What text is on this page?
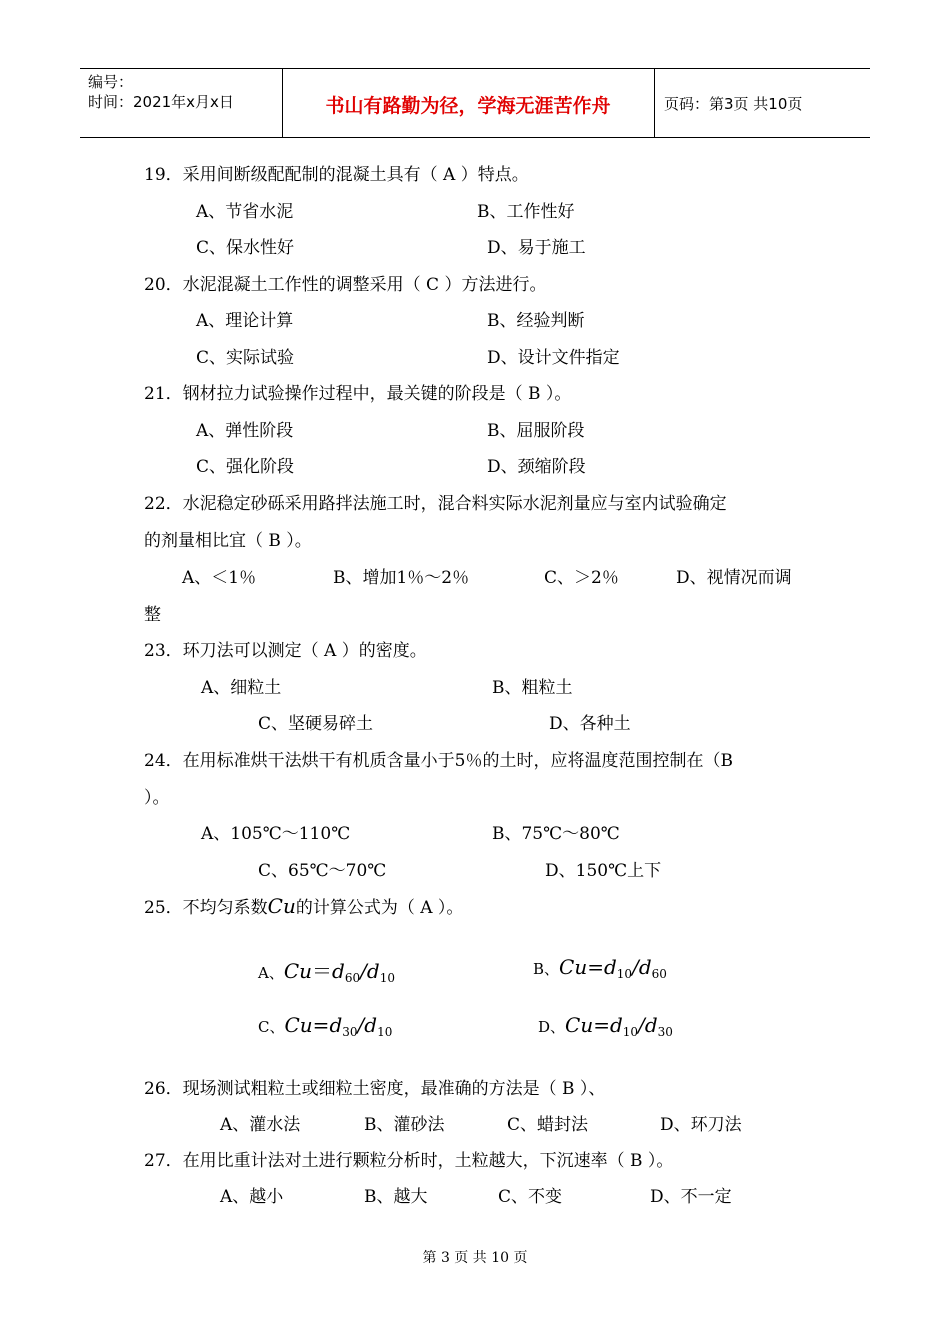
编号：
时间：2021年x月x日	书山有路勤为径，学海无涯苦作舟	页码：第3页 共10页
19．采用间断级配配制的混凝土具有（ A ）特点。
A、节省水泥	B、工作性好
C、保水性好	D、易于施工
20．水泥混凝土工作性的调整采用（ C ）方法进行。
A、理论计算	B、经验判断
C、实际试验	D、设计文件指定
21．钢材拉力试验操作过程中，最关键的阶段是（ B ）。
A、弹性阶段	B、屈服阶段
C、强化阶段	D、颈缩阶段
22．水泥稳定砂砾采用路拌法施工时，混合料实际水泥剂量应与室内试验确定
的剂量相比宜（ B ）。
A、＜1％	B、增加1％～2％	C、＞2％	D、视情况而调
整
23．环刀法可以测定（ A ）的密度。
A、细粒土	B、粗粒土
C、坚硬易碎土	D、各种土
24．在用标准烘干法烘干有机质含量小于5％的土时，应将温度范围控制在（B
）。
A、105℃～110℃	B、75℃～80℃
C、65℃～70℃	D、150℃上下
25．不均匀系数Cu的计算公式为（ A ）。
A、$Cu=d_{60}/d_{10}$	B、$Cu=d_{10}/d_{60}$
C、$Cu=d_{30}/d_{10}$	D、$Cu=d_{10}/d_{30}$
26．现场测试粗粒土或细粒土密度，最准确的方法是（ B ）、
A、灌水法	B、灌砂法	C、蜡封法	D、环刀法
27．在用比重计法对土进行颗粒分析时，土粒越大，下沉速率（ B ）。
A、越小	B、越大	C、不变	D、不一定
第 3 页 共 10 页
